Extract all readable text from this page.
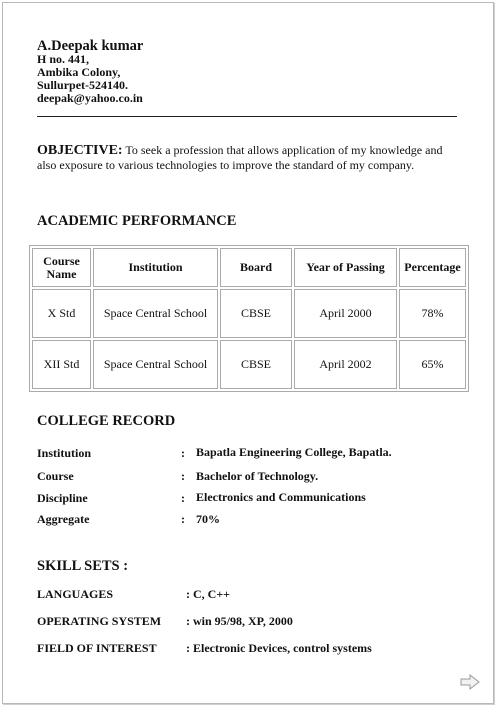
A.Deepak kumar
H no. 441,
Ambika Colony,
Sullurpet-524140.
deepak@yahoo.co.in
OBJECTIVE: To seek a profession that allows application of my knowledge and also exposure to various technologies to improve the standard of my company.
ACADEMIC PERFORMANCE
Course Name	Institution	Board	Year of Passing	Percentage
X Std	Space Central School	CBSE	April 2000	78%
XII Std	Space Central School	CBSE	April 2002	65%
COLLEGE RECORD
Institution	: Bapatla Engineering College, Bapatla.
Course	: Bachelor of Technology.
Discipline	: Electronics and Communications
Aggregate	: 70%
SKILL SETS :
LANGUAGES	: C, C++
OPERATING SYSTEM : win 95/98, XP, 2000
FIELD OF INTEREST : Electronic Devices, control systems
